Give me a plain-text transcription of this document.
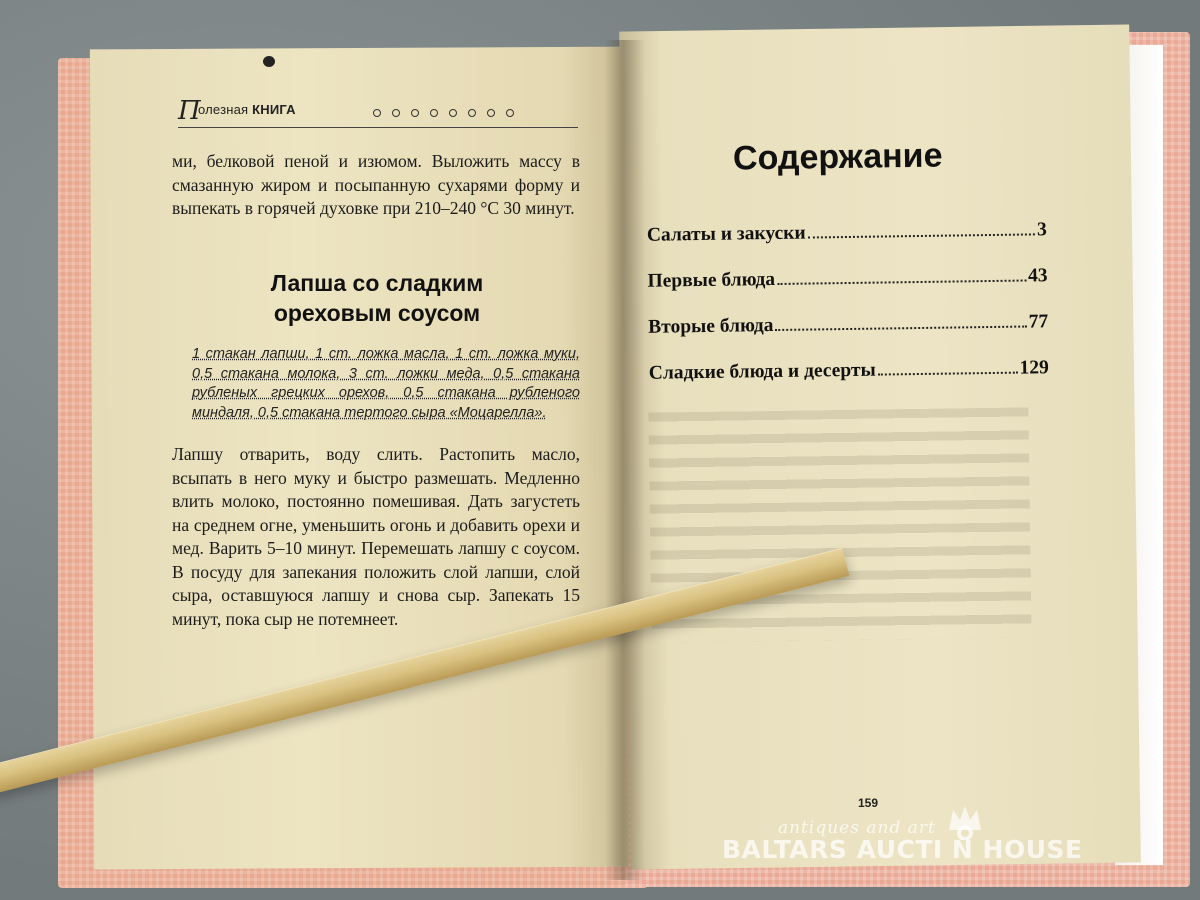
П
олезная КНИГА
ми, белковой пеной и изюмом. Выложить массу в смазанную жиром и посыпанную сухарями форму и выпекать в горячей духовке при 210–240 °С 30 минут.
Лапша со сладким
ореховым соусом
1 стакан лапши, 1 ст. ложка масла, 1 ст. ложка муки, 0,5 стакана молока, 3 ст. ложки меда, 0,5 стакана рубленых грецких орехов, 0,5 стакана рубленого миндаля, 0,5 стакана тертого сыра «Моцарелла».
Лапшу отварить, воду слить. Растопить масло, всыпать в него муку и быстро размешать. Медленно влить молоко, постоянно помешивая. Дать загустеть на среднем огне, уменьшить огонь и добавить орехи и мед. Варить 5–10 минут. Перемешать лапшу с соусом. В посуду для запекания положить слой лапши, слой сыра, оставшуюся лапшу и снова сыр. Запекать 15 минут, пока сыр не потемнеет.
Содержание
Салаты и закуски	3
Первые блюда	43
Вторые блюда	77
Сладкие блюда и десерты	129
159
antiques and art
BALTARS AUCTI N HOUSE
